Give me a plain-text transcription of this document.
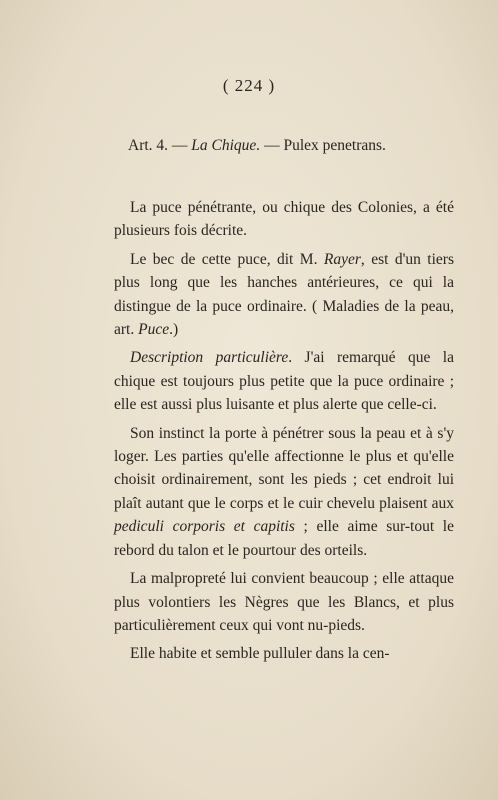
( 224 )
Art. 4. — La Chique. — Pulex penetrans.

La puce pénétrante, ou chique des Colonies, a été plusieurs fois décrite.

Le bec de cette puce, dit M. Rayer, est d'un tiers plus long que les hanches antérieures, ce qui la distingue de la puce ordinaire. ( Maladies de la peau, art. Puce.)

Description particulière. J'ai remarqué que la chique est toujours plus petite que la puce ordinaire ; elle est aussi plus luisante et plus alerte que celle-ci.

Son instinct la porte à pénétrer sous la peau et à s'y loger. Les parties qu'elle affectionne le plus et qu'elle choisit ordinairement, sont les pieds ; cet endroit lui plaît autant que le corps et le cuir chevelu plaisent aux pediculi corporis et capitis ; elle aime sur-tout le rebord du talon et le pourtour des orteils.

La malpropreté lui convient beaucoup ; elle attaque plus volontiers les Nègres que les Blancs, et plus particulièrement ceux qui vont nu-pieds.

Elle habite et semble pulluler dans la cen-
